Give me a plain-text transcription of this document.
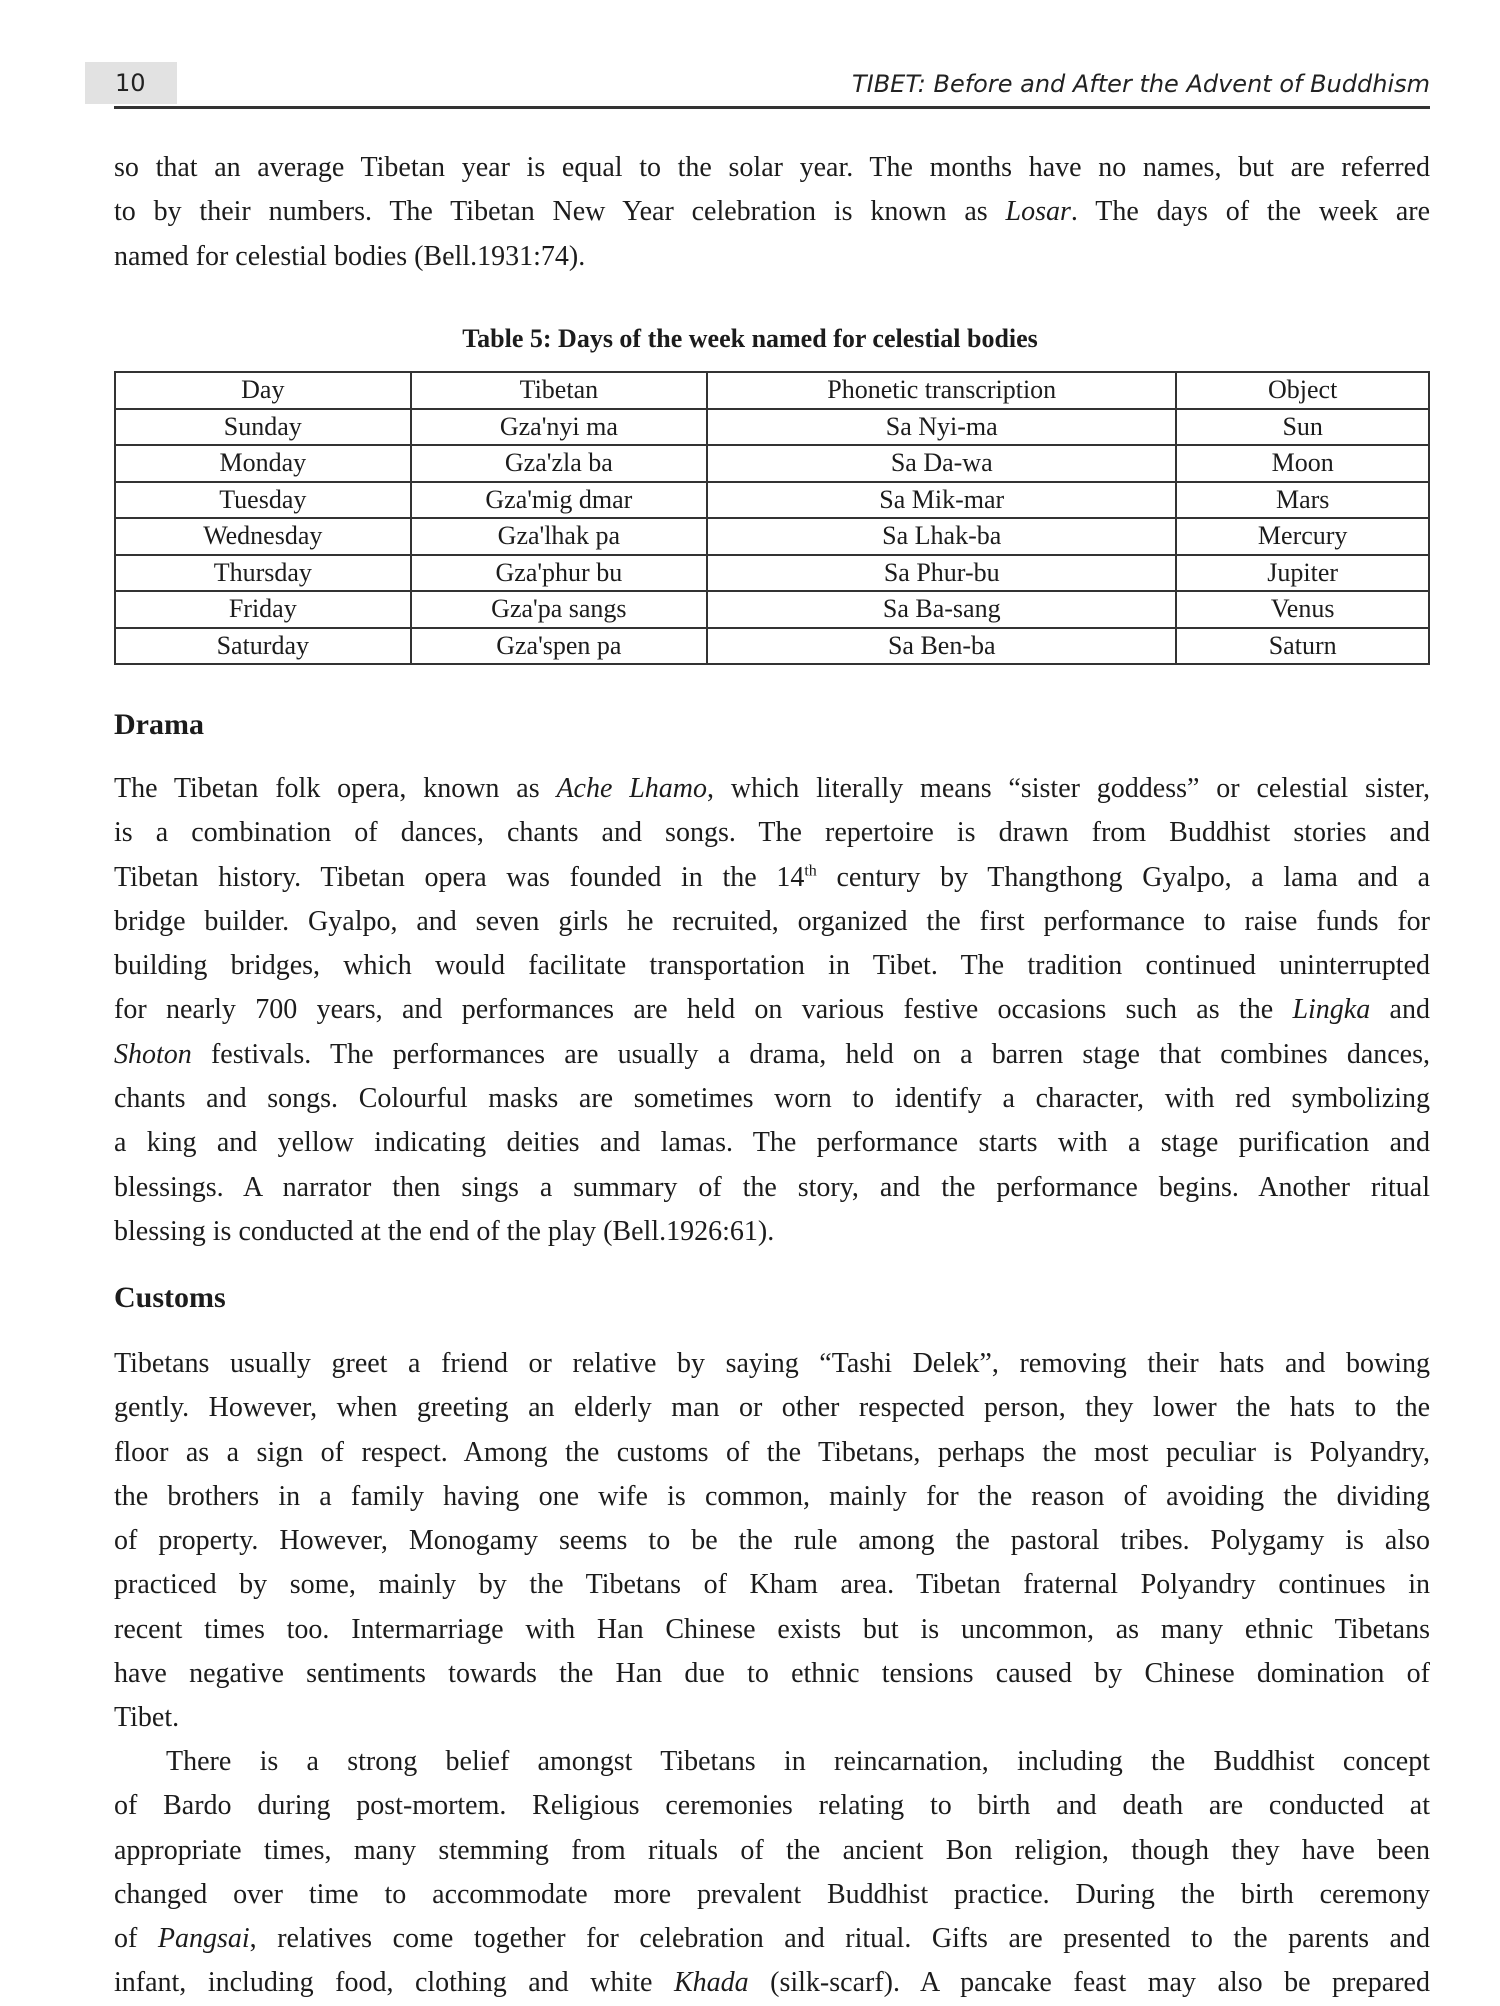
10	TIBET: Before and After the Advent of Buddhism
so that an average Tibetan year is equal to the solar year. The months have no names, but are referred
to by their numbers. The Tibetan New Year celebration is known as Losar. The days of the week are
named for celestial bodies (Bell.1931:74).
Table 5: Days of the week named for celestial bodies
Day	Tibetan	Phonetic transcription	Object
Sunday	Gza'nyi ma	Sa Nyi-ma	Sun
Monday	Gza'zla ba	Sa Da-wa	Moon
Tuesday	Gza'mig dmar	Sa Mik-mar	Mars
Wednesday	Gza'lhak pa	Sa Lhak-ba	Mercury
Thursday	Gza'phur bu	Sa Phur-bu	Jupiter
Friday	Gza'pa sangs	Sa Ba-sang	Venus
Saturday	Gza'spen pa	Sa Ben-ba	Saturn
Drama
The Tibetan folk opera, known as Ache Lhamo, which literally means “sister goddess” or celestial sister,
is a combination of dances, chants and songs. The repertoire is drawn from Buddhist stories and
Tibetan history. Tibetan opera was founded in the 14th century by Thangthong Gyalpo, a lama and a
bridge builder. Gyalpo, and seven girls he recruited, organized the first performance to raise funds for
building bridges, which would facilitate transportation in Tibet. The tradition continued uninterrupted
for nearly 700 years, and performances are held on various festive occasions such as the Lingka and
Shoton festivals. The performances are usually a drama, held on a barren stage that combines dances,
chants and songs. Colourful masks are sometimes worn to identify a character, with red symbolizing
a king and yellow indicating deities and lamas. The performance starts with a stage purification and
blessings. A narrator then sings a summary of the story, and the performance begins. Another ritual
blessing is conducted at the end of the play (Bell.1926:61).
Customs
Tibetans usually greet a friend or relative by saying “Tashi Delek”, removing their hats and bowing
gently. However, when greeting an elderly man or other respected person, they lower the hats to the
floor as a sign of respect. Among the customs of the Tibetans, perhaps the most peculiar is Polyandry,
the brothers in a family having one wife is common, mainly for the reason of avoiding the dividing
of property. However, Monogamy seems to be the rule among the pastoral tribes. Polygamy is also
practiced by some, mainly by the Tibetans of Kham area. Tibetan fraternal Polyandry continues in
recent times too. Intermarriage with Han Chinese exists but is uncommon, as many ethnic Tibetans
have negative sentiments towards the Han due to ethnic tensions caused by Chinese domination of
Tibet.
There is a strong belief amongst Tibetans in reincarnation, including the Buddhist concept
of Bardo during post-mortem. Religious ceremonies relating to birth and death are conducted at
appropriate times, many stemming from rituals of the ancient Bon religion, though they have been
changed over time to accommodate more prevalent Buddhist practice. During the birth ceremony
of Pangsai, relatives come together for celebration and ritual. Gifts are presented to the parents and
infant, including food, clothing and white Khada (silk-scarf). A pancake feast may also be prepared
